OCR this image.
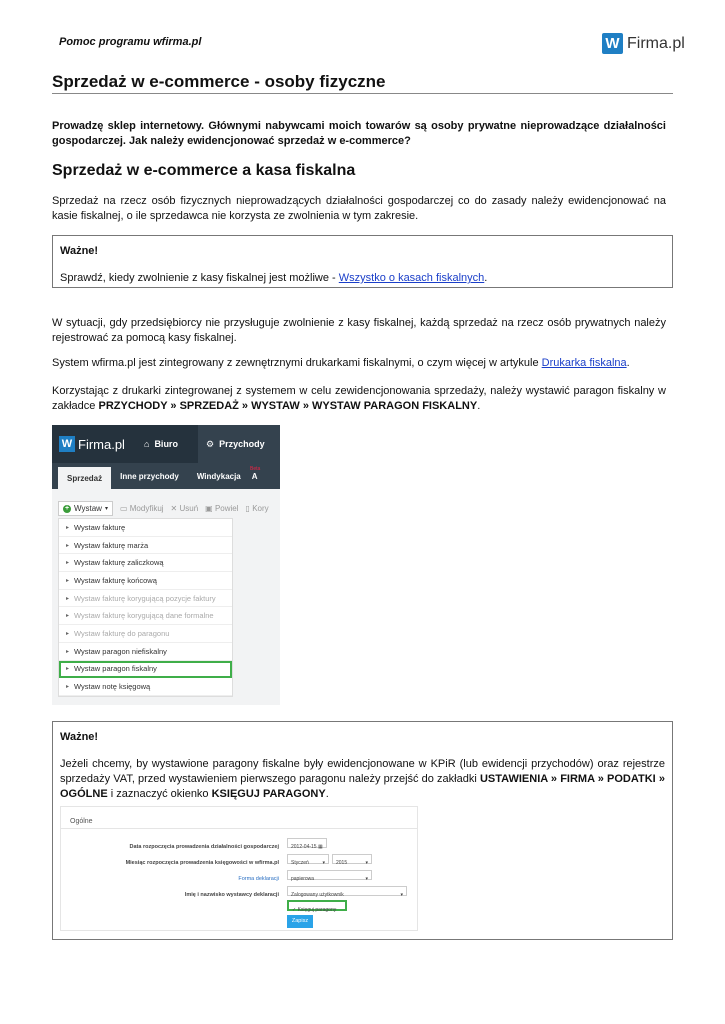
Pomoc programu wfirma.pl	W Firma.pl
Sprzedaż w e-commerce - osoby fizyczne
Prowadzę sklep internetowy. Głównymi nabywcami moich towarów są osoby prywatne nieprowadzące działalności gospodarczej. Jak należy ewidencjonować sprzedaż w e-commerce?
Sprzedaż w e-commerce a kasa fiskalna
Sprzedaż na rzecz osób fizycznych nieprowadzących działalności gospodarczej co do zasady należy ewidencjonować na kasie fiskalnej, o ile sprzedawca nie korzysta ze zwolnienia w tym zakresie.
Ważne!
Sprawdź, kiedy zwolnienie z kasy fiskalnej jest możliwe - Wszystko o kasach fiskalnych.
W sytuacji, gdy przedsiębiorcy nie przysługuje zwolnienie z kasy fiskalnej, każdą sprzedaż na rzecz osób prywatnych należy rejestrować za pomocą kasy fiskalnej.
System wfirma.pl jest zintegrowany z zewnętrznymi drukarkami fiskalnymi, o czym więcej w artykule Drukarka fiskalna.
Korzystając z drukarki zintegrowanej z systemem w celu zewidencjonowania sprzedaży, należy wystawić paragon fiskalny w zakładce PRZYCHODY » SPRZEDAŻ » WYSTAW » WYSTAW PARAGON FISKALNY.
W Firma.pl ⌂ Biuro	⚙ Przychody
Sprzedaż	Inne przychody	Windykacja	A
Beta
+ Wystaw ▾ ▭ Modyfikuj ✕ Usuń ▣ Powiel ▯ Kory
▸ Wystaw fakturę
▸ Wystaw fakturę marża
▸ Wystaw fakturę zaliczkową
▸ Wystaw fakturę końcową
▸ Wystaw fakturę korygującą pozycje faktury
▸ Wystaw fakturę korygującą dane formalne
▸ Wystaw fakturę do paragonu
▸ Wystaw paragon niefiskalny
▸ Wystaw paragon fiskalny
▸ Wystaw notę księgową
Ważne!
Jeżeli chcemy, by wystawione paragony fiskalne były ewidencjonowane w KPiR (lub ewidencji przychodów) oraz rejestrze sprzedaży VAT, przed wystawieniem pierwszego paragonu należy przejść do zakładki USTAWIENIA » FIRMA » PODATKI » OGÓLNE i zaznaczyć okienko KSIĘGUJ PARAGONY.
Ogólne
Data rozpoczęcia prowadzenia działalności gospodarczej	2012-04-15 ▦
Miesiąc rozpoczęcia prowadzenia księgowości w wfirma.pl	Styczeń	▾	2015	▾
Forma deklaracji	papierowa	▾
Imię i nazwisko wystawcy deklaracji	Zalogowany użytkownik	▾
✓ Księguj paragony
Zapisz
